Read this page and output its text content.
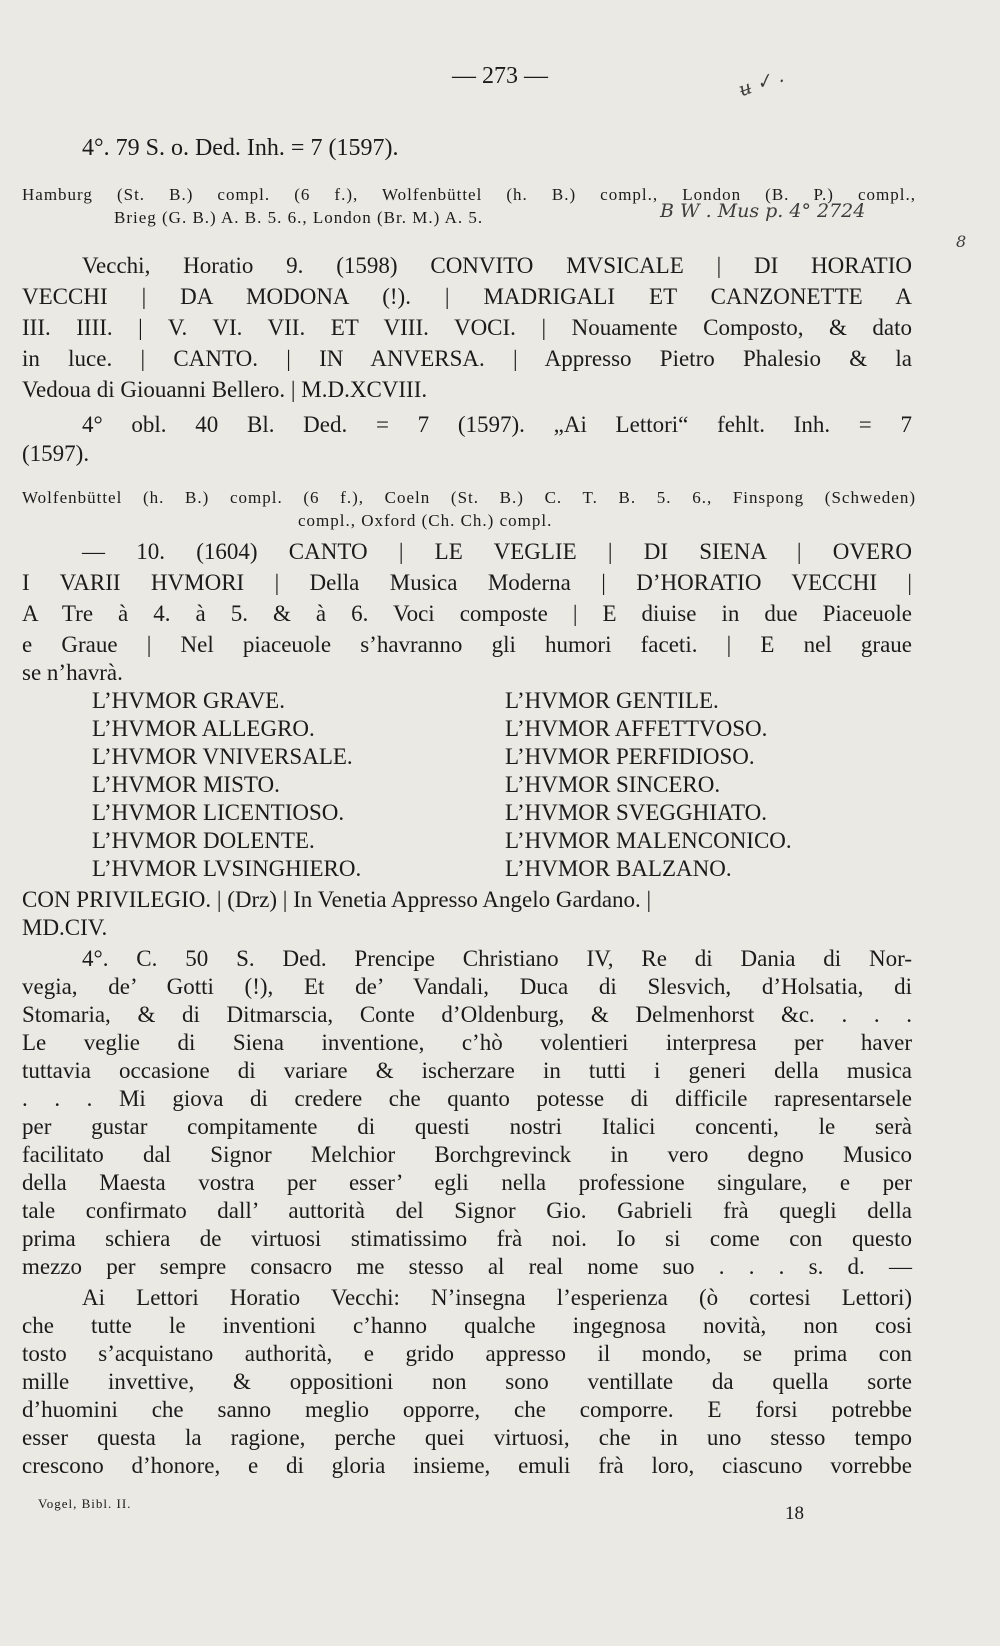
— 273 —	u̶ ✓ .
4°. 79 S. o. Ded. Inh. = 7 (1597).
Hamburg (St. B.) compl. (6 f.), Wolfenbüttel (h. B.) compl., London (B. P.) compl.,
Brieg (G. B.) A. B. 5. 6., London (Br. M.) A. 5.	B W . Mus p. 4° 2724
8
Vecchi, Horatio 9. (1598) CONVITO MVSICALE | DI HORATIO
VECCHI | DA MODONA (!). | MADRIGALI ET CANZONETTE A
III. IIII. | V. VI. VII. ET VIII. VOCI. | Nouamente Composto, & dato
in luce. | CANTO. | IN ANVERSA. | Appresso Pietro Phalesio & la
Vedoua di Giouanni Bellero. | M.D.XCVIII.
4° obl. 40 Bl. Ded. = 7 (1597). „Ai Lettori“ fehlt. Inh. = 7
(1597).
Wolfenbüttel (h. B.) compl. (6 f.), Coeln (St. B.) C. T. B. 5. 6., Finspong (Schweden)
compl., Oxford (Ch. Ch.) compl.
— 10. (1604) CANTO | LE VEGLIE | DI SIENA | OVERO
I VARII HVMORI | Della Musica Moderna | D’HORATIO VECCHI |
A Tre à 4. à 5. & à 6. Voci composte | E diuise in due Piaceuole
e Graue | Nel piaceuole s’havranno gli humori faceti. | E nel graue
se n’havrà.
L’HVMOR GRAVE.	L’HVMOR GENTILE.
L’HVMOR ALLEGRO.	L’HVMOR AFFETTVOSO.
L’HVMOR VNIVERSALE.	L’HVMOR PERFIDIOSO.
L’HVMOR MISTO.	L’HVMOR SINCERO.
L’HVMOR LICENTIOSO.	L’HVMOR SVEGGHIATO.
L’HVMOR DOLENTE.	L’HVMOR MALENCONICO.
L’HVMOR LVSINGHIERO.	L’HVMOR BALZANO.
CON PRIVILEGIO. | (Drz) | In Venetia Appresso Angelo Gardano. |
MD.CIV.
4°. C. 50 S. Ded. Prencipe Christiano IV, Re di Dania di Nor-
vegia, de’ Gotti (!), Et de’ Vandali, Duca di Slesvich, d’Holsatia, di
Stomaria, & di Ditmarscia, Conte d’Oldenburg, & Delmenhorst &c. . . .
Le veglie di Siena inventione, c’hò volentieri interpresa per haver
tuttavia occasione di variare & ischerzare in tutti i generi della musica
. . . Mi giova di credere che quanto potesse di difficile rapresentarsele
per gustar compitamente di questi nostri Italici concenti, le serà
facilitato dal Signor Melchior Borchgrevinck in vero degno Musico
della Maesta vostra per esser’ egli nella professione singulare, e per
tale confirmato dall’ auttorità del Signor Gio. Gabrieli frà quegli della
prima schiera de virtuosi stimatissimo frà noi. Io si come con questo
mezzo per sempre consacro me stesso al real nome suo . . . s. d. —
Ai Lettori Horatio Vecchi: N’insegna l’esperienza (ò cortesi Lettori)
che tutte le inventioni c’hanno qualche ingegnosa novità, non cosi
tosto s’acquistano authorità, e grido appresso il mondo, se prima con
mille invettive, & oppositioni non sono ventillate da quella sorte
d’huomini che sanno meglio opporre, che comporre. E forsi potrebbe
esser questa la ragione, perche quei virtuosi, che in uno stesso tempo
crescono d’honore, e di gloria insieme, emuli frà loro, ciascuno vorrebbe
Vogel, Bibl. II.	18
